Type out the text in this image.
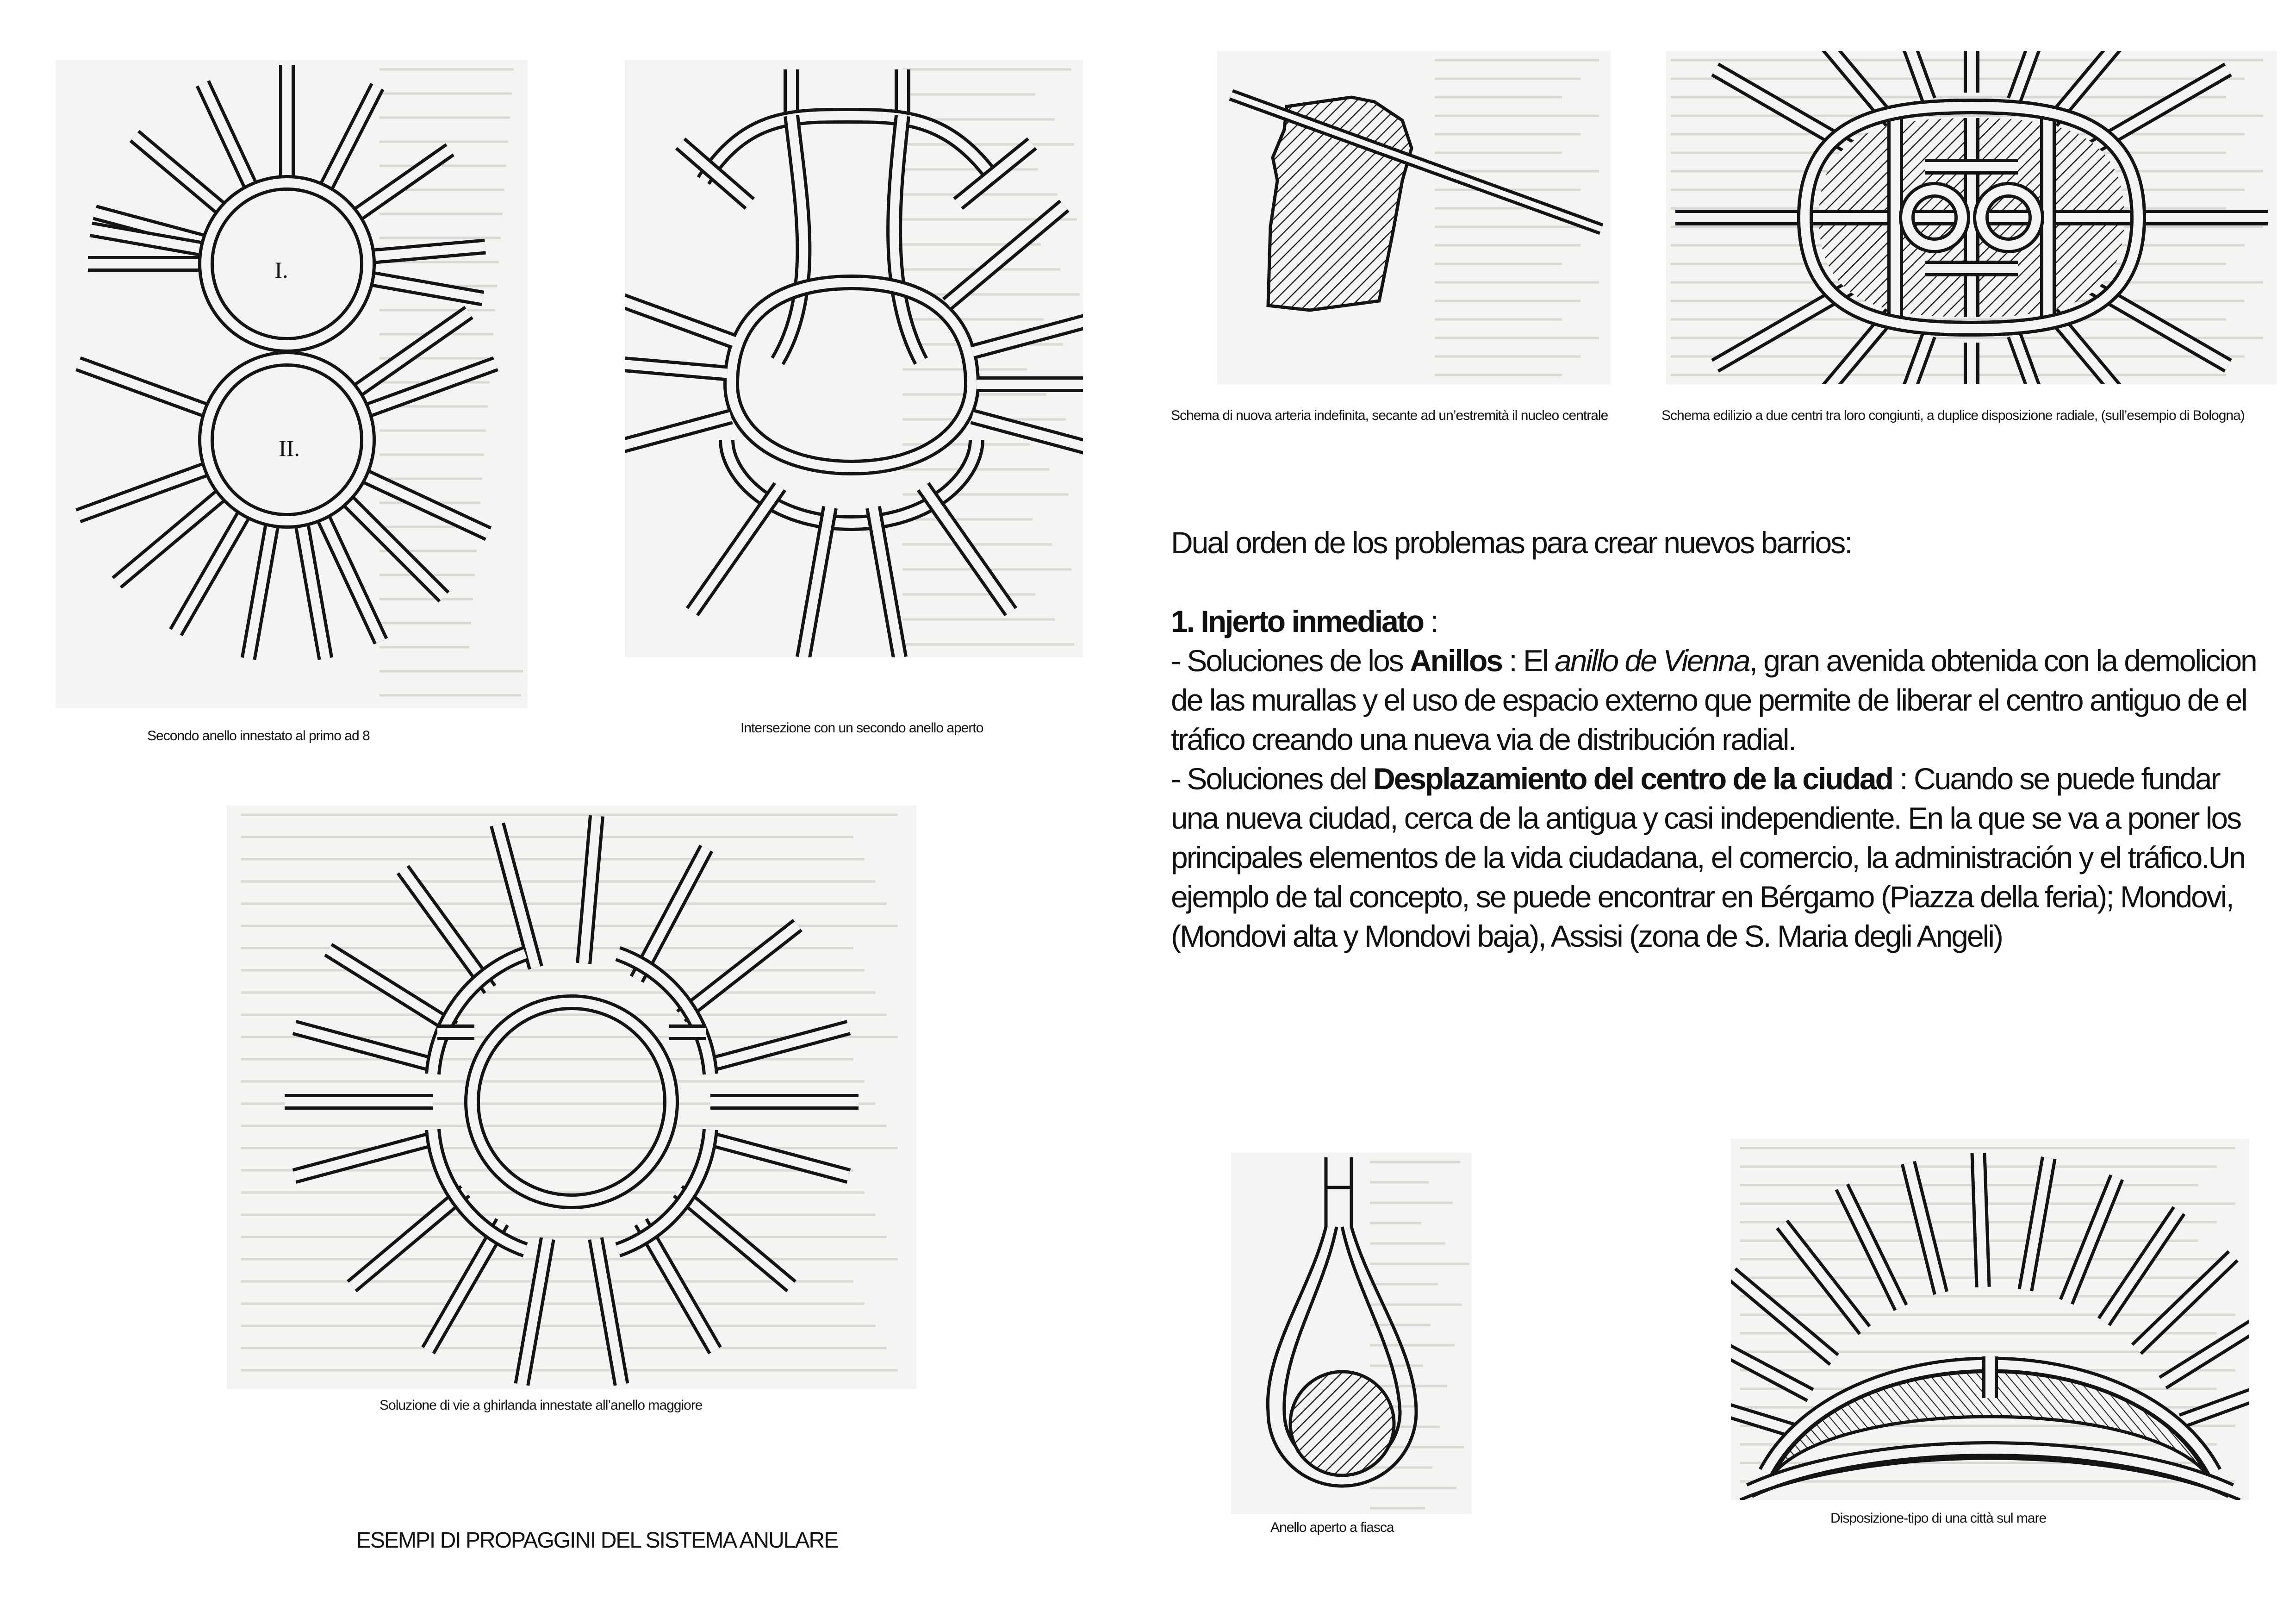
I.
II.
Secondo anello innestato al primo ad 8
Intersezione con un secondo anello aperto
Soluzione di vie a ghirlanda innestate all’anello maggiore
Schema di nuova arteria indefinita, secante ad un’estremità il nucleo centrale	Schema edilizio a due centri tra loro congiunti, a duplice disposizione radiale, (sull’esempio di Bologna)

Dual orden de los problemas para crear nuevos barrios:

1. Injerto inmediato :

- Soluciones de los Anillos : El anillo de Vienna, gran avenida obtenida con la demolicion de las murallas y el uso de espacio externo que permite de liberar el centro antiguo de el tráfico creando una nueva via de distribución radial.

- Soluciones del Desplazamiento del centro de la ciudad : Cuando se puede fundar una nueva ciudad, cerca de la antigua y casi independiente. En la que se va a poner los principales elementos de la vida ciudadana, el comercio, la administración y el tráfico.Un ejemplo de tal concepto, se puede encontrar en Bérgamo (Piazza della feria); Mondovi, (Mondovi alta y Mondovi baja), Assisi (zona de S. Maria degli Angeli)

Anello aperto a fiasca
Disposizione-tipo di una città sul mare
ESEMPI DI PROPAGGINI DEL SISTEMA ANULARE
